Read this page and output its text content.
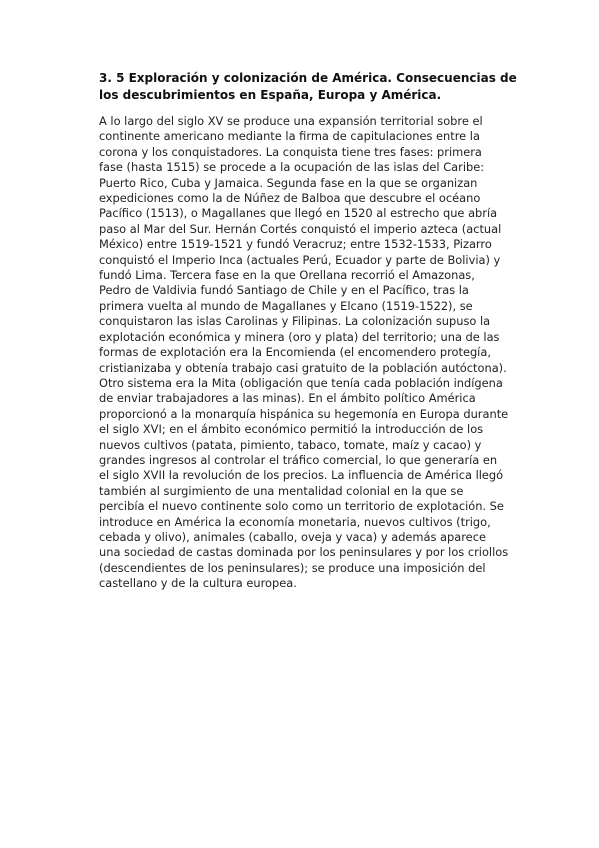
3. 5 Exploración y colonización de América. Consecuencias de
los descubrimientos en España, Europa y América.

A lo largo del siglo XV se produce una expansión territorial sobre el
continente americano mediante la firma de capitulaciones entre la
corona y los conquistadores. La conquista tiene tres fases: primera
fase (hasta 1515) se procede a la ocupación de las islas del Caribe:
Puerto Rico, Cuba y Jamaica. Segunda fase en la que se organizan
expediciones como la de Núñez de Balboa que descubre el océano
Pacífico (1513), o Magallanes que llegó en 1520 al estrecho que abría
paso al Mar del Sur. Hernán Cortés conquistó el imperio azteca (actual
México) entre 1519-1521 y fundó Veracruz; entre 1532-1533, Pizarro
conquistó el Imperio Inca (actuales Perú, Ecuador y parte de Bolivia) y
fundó Lima. Tercera fase en la que Orellana recorrió el Amazonas,
Pedro de Valdivia fundó Santiago de Chile y en el Pacífico, tras la
primera vuelta al mundo de Magallanes y Elcano (1519-1522), se
conquistaron las islas Carolinas y Filipinas. La colonización supuso la
explotación económica y minera (oro y plata) del territorio; una de las
formas de explotación era la Encomienda (el encomendero protegía,
cristianizaba y obtenía trabajo casi gratuito de la población autóctona).
Otro sistema era la Mita (obligación que tenía cada población indígena
de enviar trabajadores a las minas). En el ámbito político América
proporcionó a la monarquía hispánica su hegemonía en Europa durante
el siglo XVI; en el ámbito económico permitió la introducción de los
nuevos cultivos (patata, pimiento, tabaco, tomate, maíz y cacao) y
grandes ingresos al controlar el tráfico comercial, lo que generaría en
el siglo XVII la revolución de los precios. La influencia de América llegó
también al surgimiento de una mentalidad colonial en la que se
percibía el nuevo continente solo como un territorio de explotación. Se
introduce en América la economía monetaria, nuevos cultivos (trigo,
cebada y olivo), animales (caballo, oveja y vaca) y además aparece
una sociedad de castas dominada por los peninsulares y por los criollos
(descendientes de los peninsulares); se produce una imposición del
castellano y de la cultura europea.
